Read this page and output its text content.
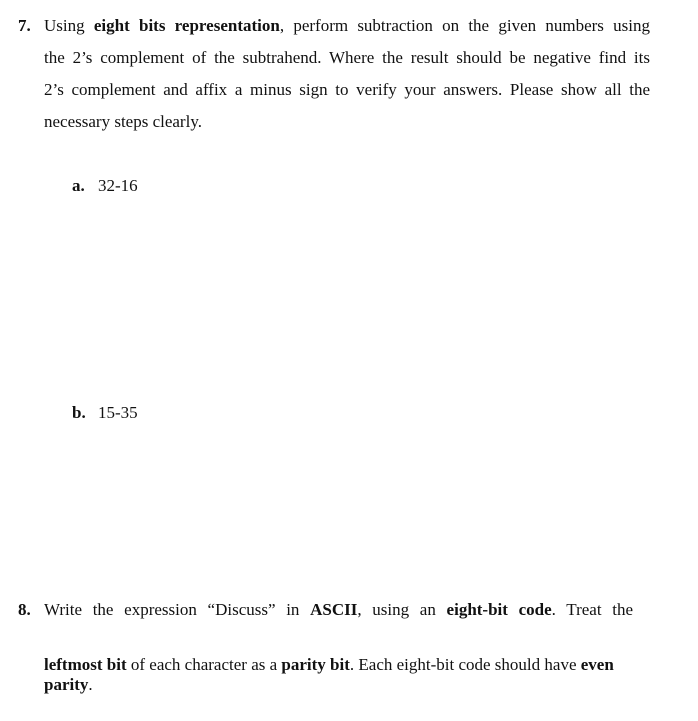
7. Using eight bits representation, perform subtraction on the given numbers using
the 2’s complement of the subtrahend. Where the result should be negative find its
2’s complement and affix a minus sign to verify your answers. Please show all the
necessary steps clearly.
a. 32-16
b. 15-35
8. Write the expression “Discuss” in ASCII, using an eight-bit code. Treat the
leftmost bit of each character as a parity bit. Each eight-bit code should have even
parity.
